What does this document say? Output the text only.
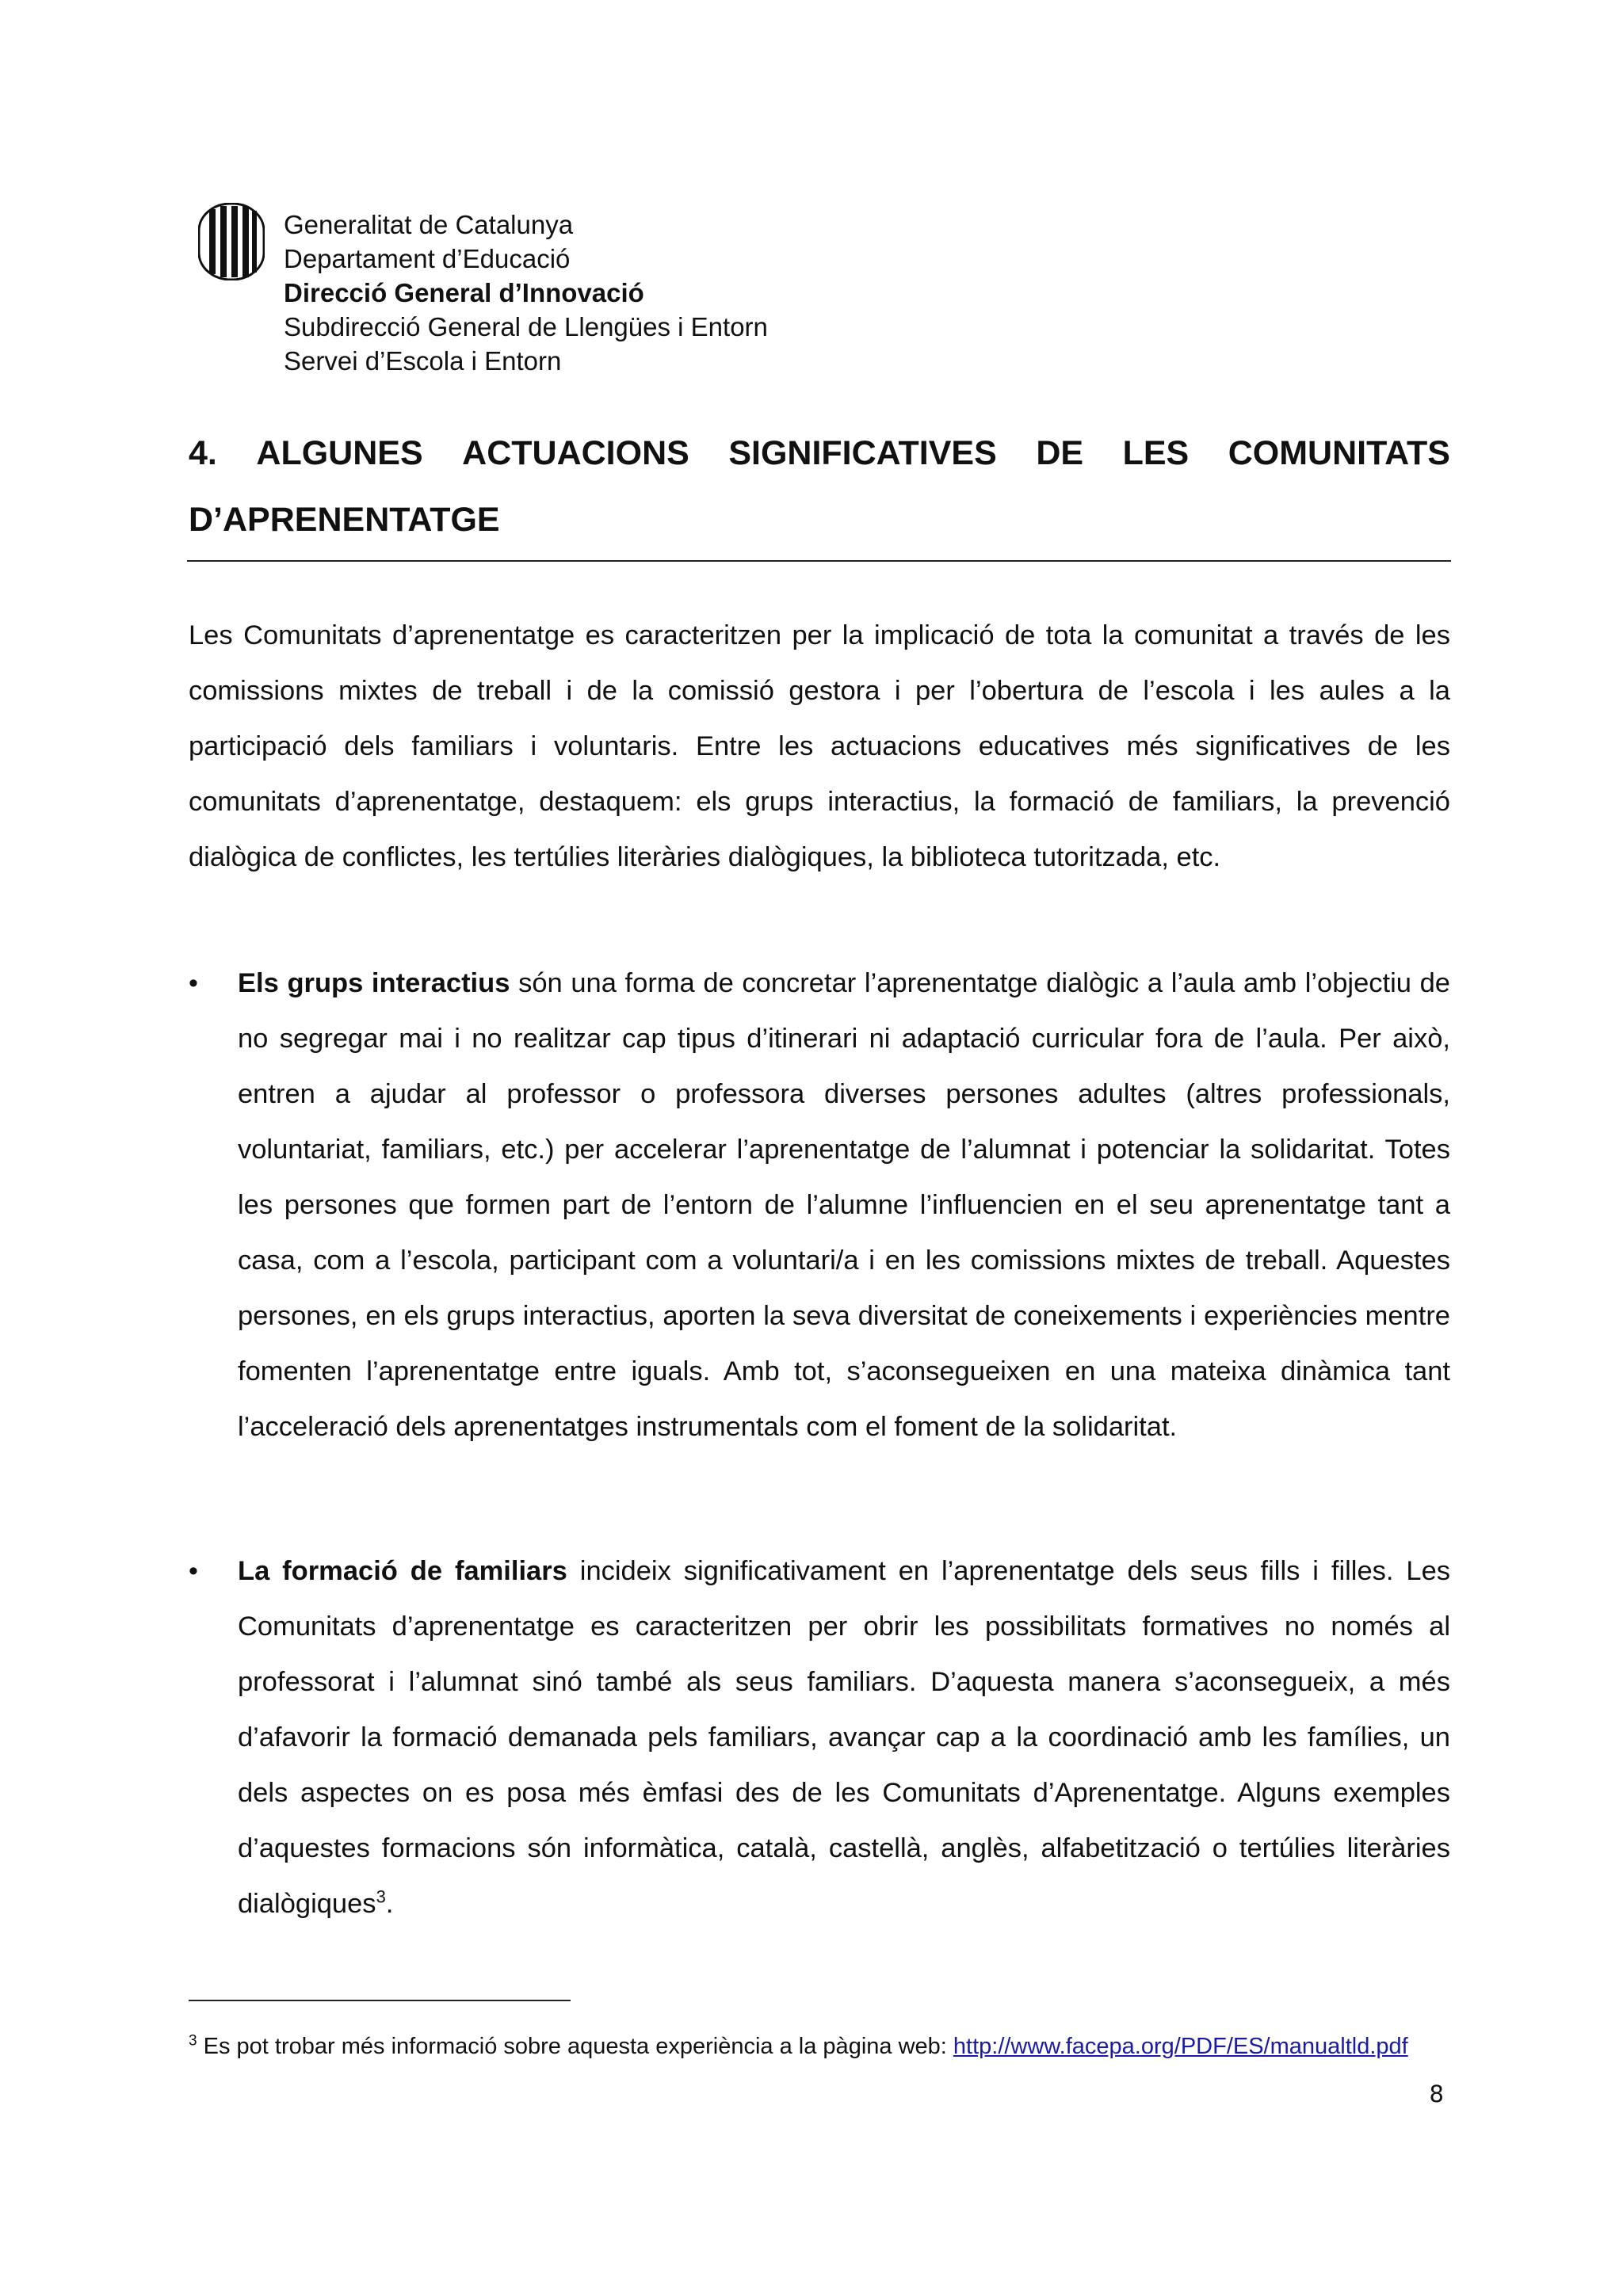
Generalitat de Catalunya
Departament d’Educació
Direcció General d’Innovació
Subdirecció General de Llengües i Entorn
Servei d’Escola i Entorn
4. ALGUNES ACTUACIONS SIGNIFICATIVES DE LES COMUNITATS
D’APRENENTATGE
Les Comunitats d’aprenentatge es caracteritzen per la implicació de tota la comunitat a través de les comissions mixtes de treball i de la comissió gestora i per l’obertura de l’escola i les aules a la participació dels familiars i voluntaris. Entre les actuacions educatives més significatives de les comunitats d’aprenentatge, destaquem: els grups interactius, la formació de familiars, la prevenció dialògica de conflictes, les tertúlies literàries dialògiques, la biblioteca tutoritzada, etc.
• Els grups interactius són una forma de concretar l’aprenentatge dialògic a l’aula amb l’objectiu de no segregar mai i no realitzar cap tipus d’itinerari ni adaptació curricular fora de l’aula. Per això, entren a ajudar al professor o professora diverses persones adultes (altres professionals, voluntariat, familiars, etc.) per accelerar l’aprenentatge de l’alumnat i potenciar la solidaritat. Totes les persones que formen part de l’entorn de l’alumne l’influencien en el seu aprenentatge tant a casa, com a l’escola, participant com a voluntari/a i en les comissions mixtes de treball. Aquestes persones, en els grups interactius, aporten la seva diversitat de coneixements i experiències mentre fomenten l’aprenentatge entre iguals. Amb tot, s’aconsegueixen en una mateixa dinàmica tant l’acceleració dels aprenentatges instrumentals com el foment de la solidaritat.
• La formació de familiars incideix significativament en l’aprenentatge dels seus fills i filles. Les Comunitats d’aprenentatge es caracteritzen per obrir les possibilitats formatives no només al professorat i l’alumnat sinó també als seus familiars. D’aquesta manera s’aconsegueix, a més d’afavorir la formació demanada pels familiars, avançar cap a la coordinació amb les famílies, un dels aspectes on es posa més èmfasi des de les Comunitats d’Aprenentatge. Alguns exemples d’aquestes formacions són informàtica, català, castellà, anglès, alfabetització o tertúlies literàries dialògiques$^3$.
$^3$ Es pot trobar més informació sobre aquesta experiència a la pàgina web: http://www.facepa.org/PDF/ES/manualtld.pdf
8
